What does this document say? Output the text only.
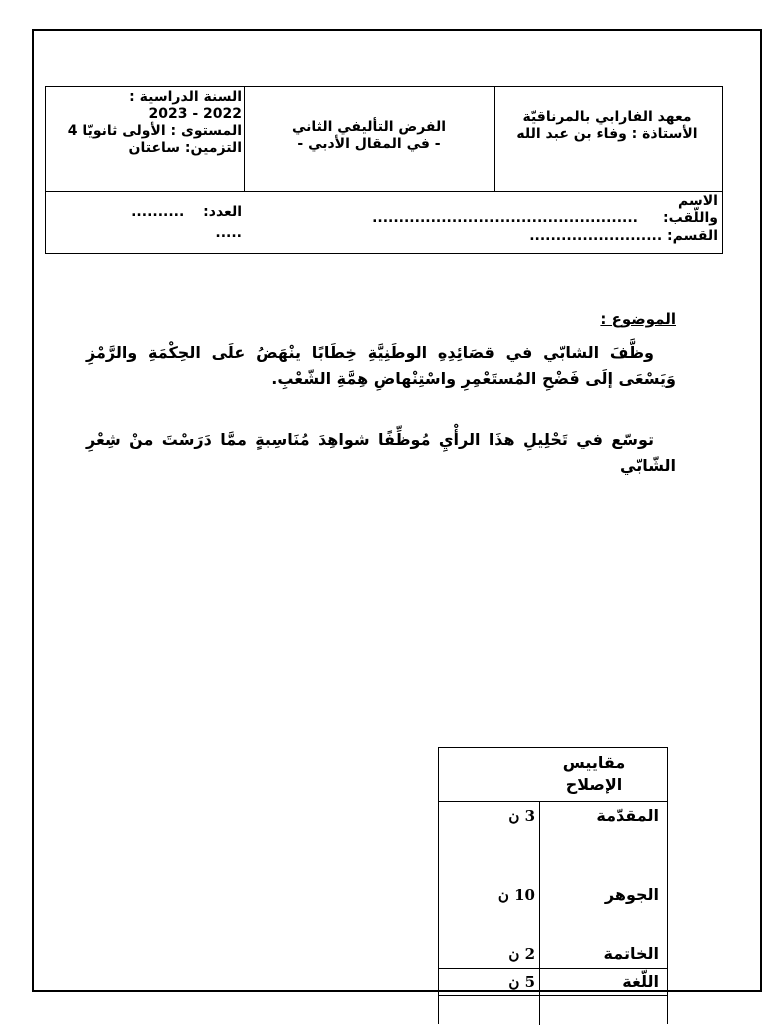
معهد الفارابي بالمرناقيّة
الأستاذة : وفاء بن عبد الله
الفرض التأليفي الثاني
- في المقال الأدبي -
السنة الدراسية :
2022 - 2023
المستوى : الأولى ثانويّا 4
التزمين: ساعتان
الاسم واللّقب:
..................................................
القسم: .........................
العدد: ..........
.....
الموضوع :
وظَّفَ الشابّي في قصَائِدِهِ الوطَنِيَّةِ خِطَابًا ينْهَضُ علَى الحِكْمَةِ والرَّمْزِ وَيَسْعَى إلَى فَضْحِ المُستَعْمِرِ واسْتِنْهاضِ هِمَّةِ الشّعْبِ.
توسّع في تَحْلِيلِ هذَا الرأْيِ مُوظِّفًا شواهِدَ مُنَاسِبةٍ ممَّا دَرَسْتَ منْ شِعْرِ الشّابّي
مقاييس الإصلاح
المقدّمة
3 ن
الجوهر
10 ن
الخاتمة
2 ن
اللّغة
5 ن
